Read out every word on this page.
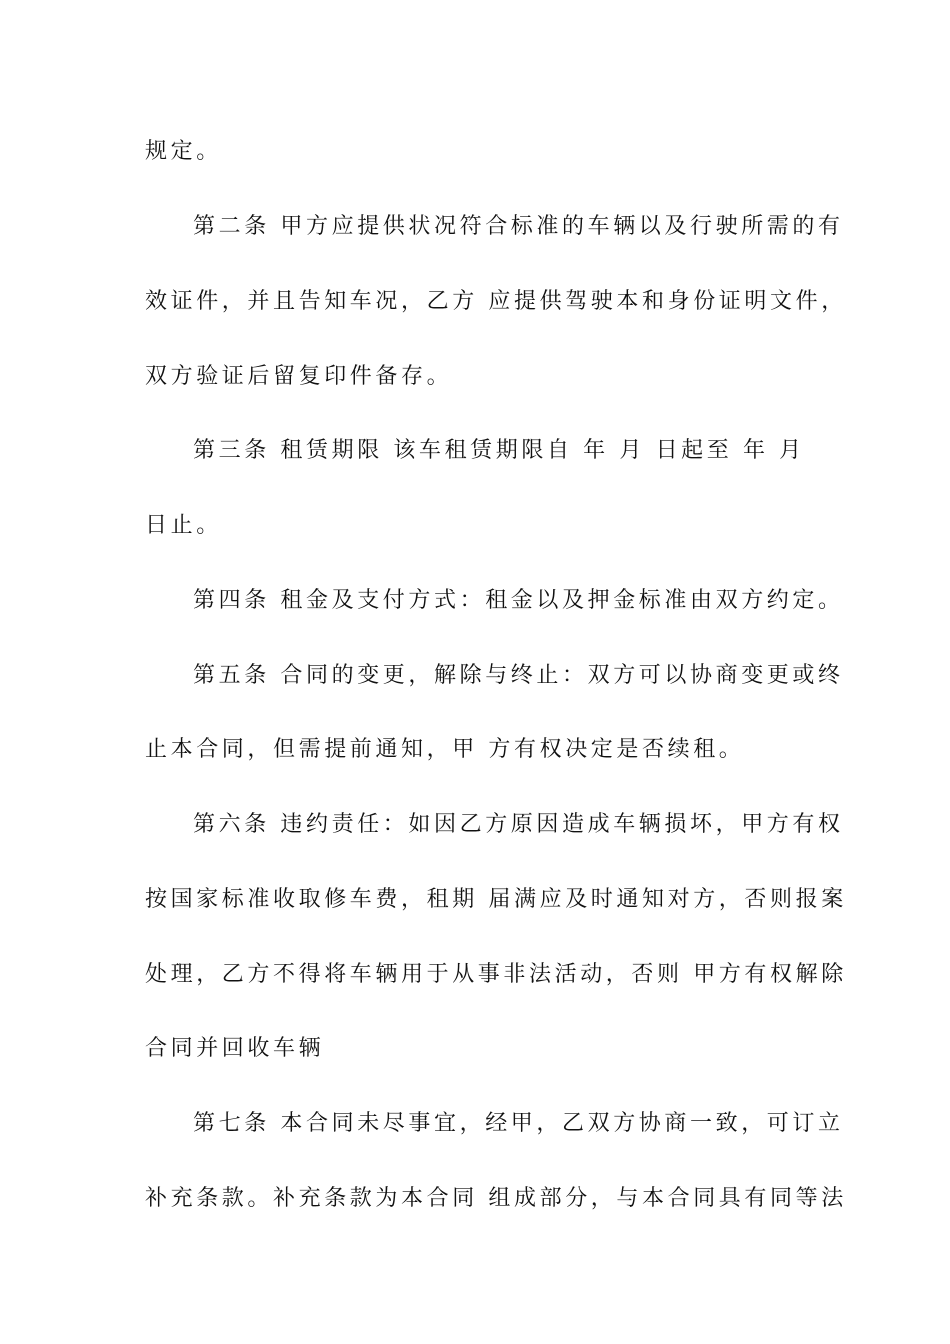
规定。
第二条 甲方应提供状况符合标准的车辆以及行驶所需的有
效证件，并且告知车况，乙方 应提供驾驶本和身份证明文件，
双方验证后留复印件备存。
第三条 租赁期限 该车租赁期限自 年 月 日起至 年 月
日止。
第四条 租金及支付方式：租金以及押金标准由双方约定。
第五条 合同的变更，解除与终止：双方可以协商变更或终
止本合同，但需提前通知，甲 方有权决定是否续租。
第六条 违约责任：如因乙方原因造成车辆损坏，甲方有权
按国家标准收取修车费，租期 届满应及时通知对方，否则报案
处理，乙方不得将车辆用于从事非法活动，否则 甲方有权解除
合同并回收车辆
第七条 本合同未尽事宜，经甲，乙双方协商一致，可订立
补充条款。补充条款为本合同 组成部分，与本合同具有同等法
